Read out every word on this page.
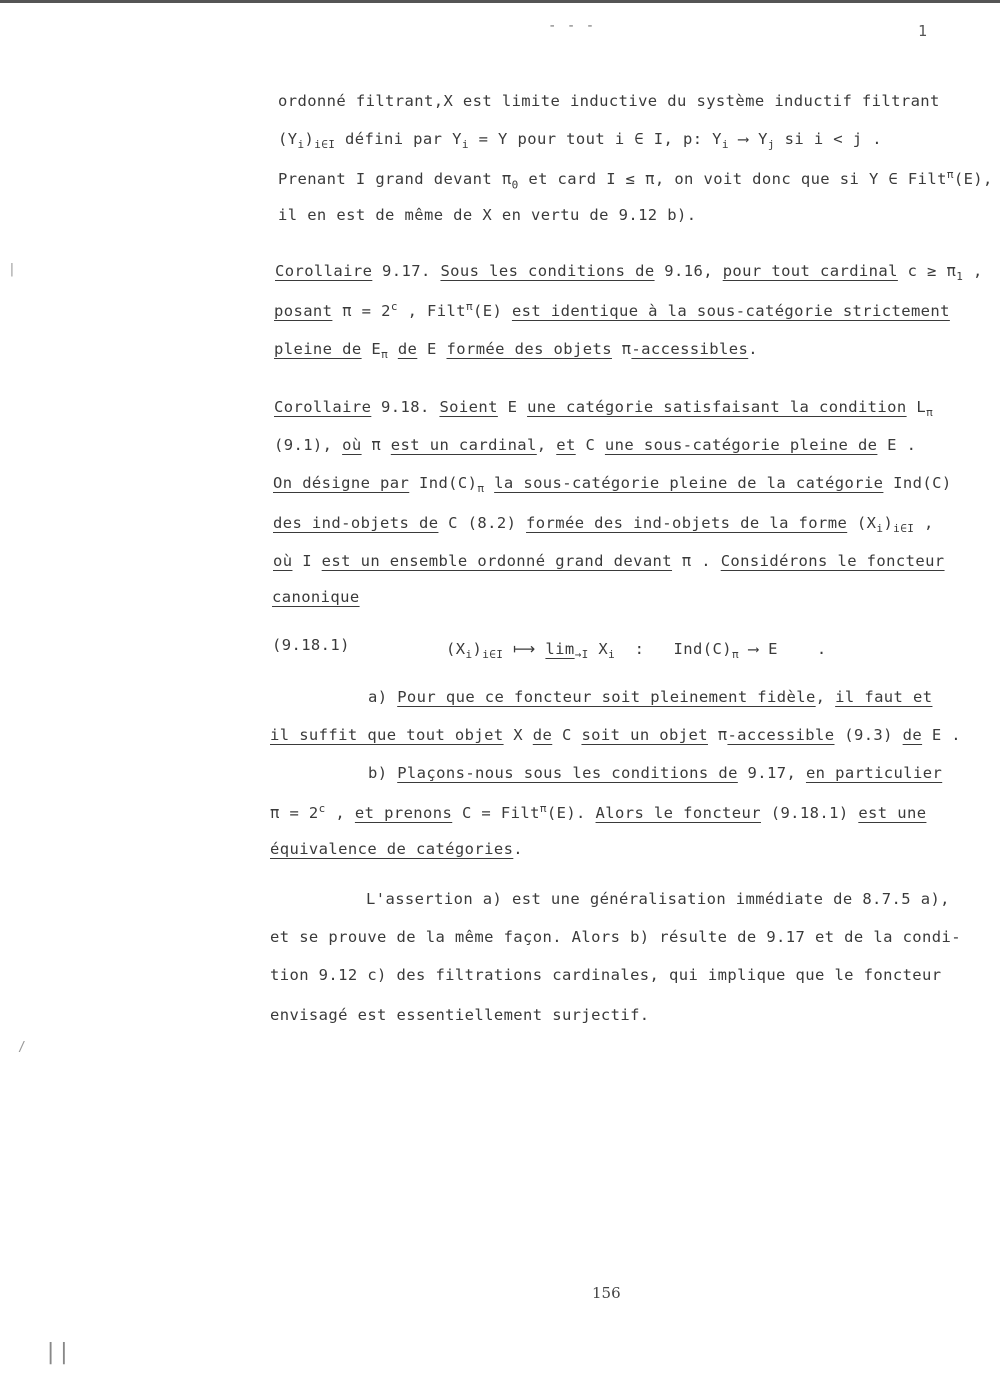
- - -	1
ordonné filtrant,X est limite inductive du système inductif filtrant
$(Y_i)_{i\in I}$ défini par $Y_i = Y$ pour tout i ∈ I, p: $Y_i$ ⟶ $Y_j$ si i < j .
Prenant I grand devant $\pi_0$ et card I ≤ π, on voit donc que si Y ∈ Filt$^\pi$(E),
il en est de même de X en vertu de 9.12 b).
Corollaire 9.17. Sous les conditions de 9.16, pour tout cardinal $c \ge \pi_1$ ,
posant $\pi = 2^c$ , Filt$^\pi$(E) est identique à la sous-catégorie strictement
pleine de $E_\pi$ de E formée des objets π-accessibles.
Corollaire 9.18. Soient E une catégorie satisfaisant la condition $L_\pi$
(9.1), où π est un cardinal, et C une sous-catégorie pleine de E .
On désigne par $Ind(C)_\pi$ la sous-catégorie pleine de la catégorie Ind(C)
des ind-objets de C (8.2) formée des ind-objets de la forme $(X_i)_{i\in I}$ ,
où I est un ensemble ordonné grand devant π . Considérons le foncteur
canonique
(9.18.1)	$(X_i)_{i\in I}$ ⟼ $\lim_{\to I} X_i$  :   $Ind(C)_\pi$ ⟶ E    .
a) Pour que ce foncteur soit pleinement fidèle, il faut et
il suffit que tout objet X de C soit un objet π-accessible (9.3) de E .
b) Plaçons-nous sous les conditions de 9.17, en particulier
$\pi = 2^c$ , et prenons C = Filt$^\pi$(E). Alors le foncteur (9.18.1) est une
équivalence de catégories.
L'assertion a) est une généralisation immédiate de 8.7.5 a),
et se prouve de la même façon. Alors b) résulte de 9.17 et de la condi-
tion 9.12 c) des filtrations cardinales, qui implique que le foncteur
envisagé est essentiellement surjectif.
156
|
/
||
